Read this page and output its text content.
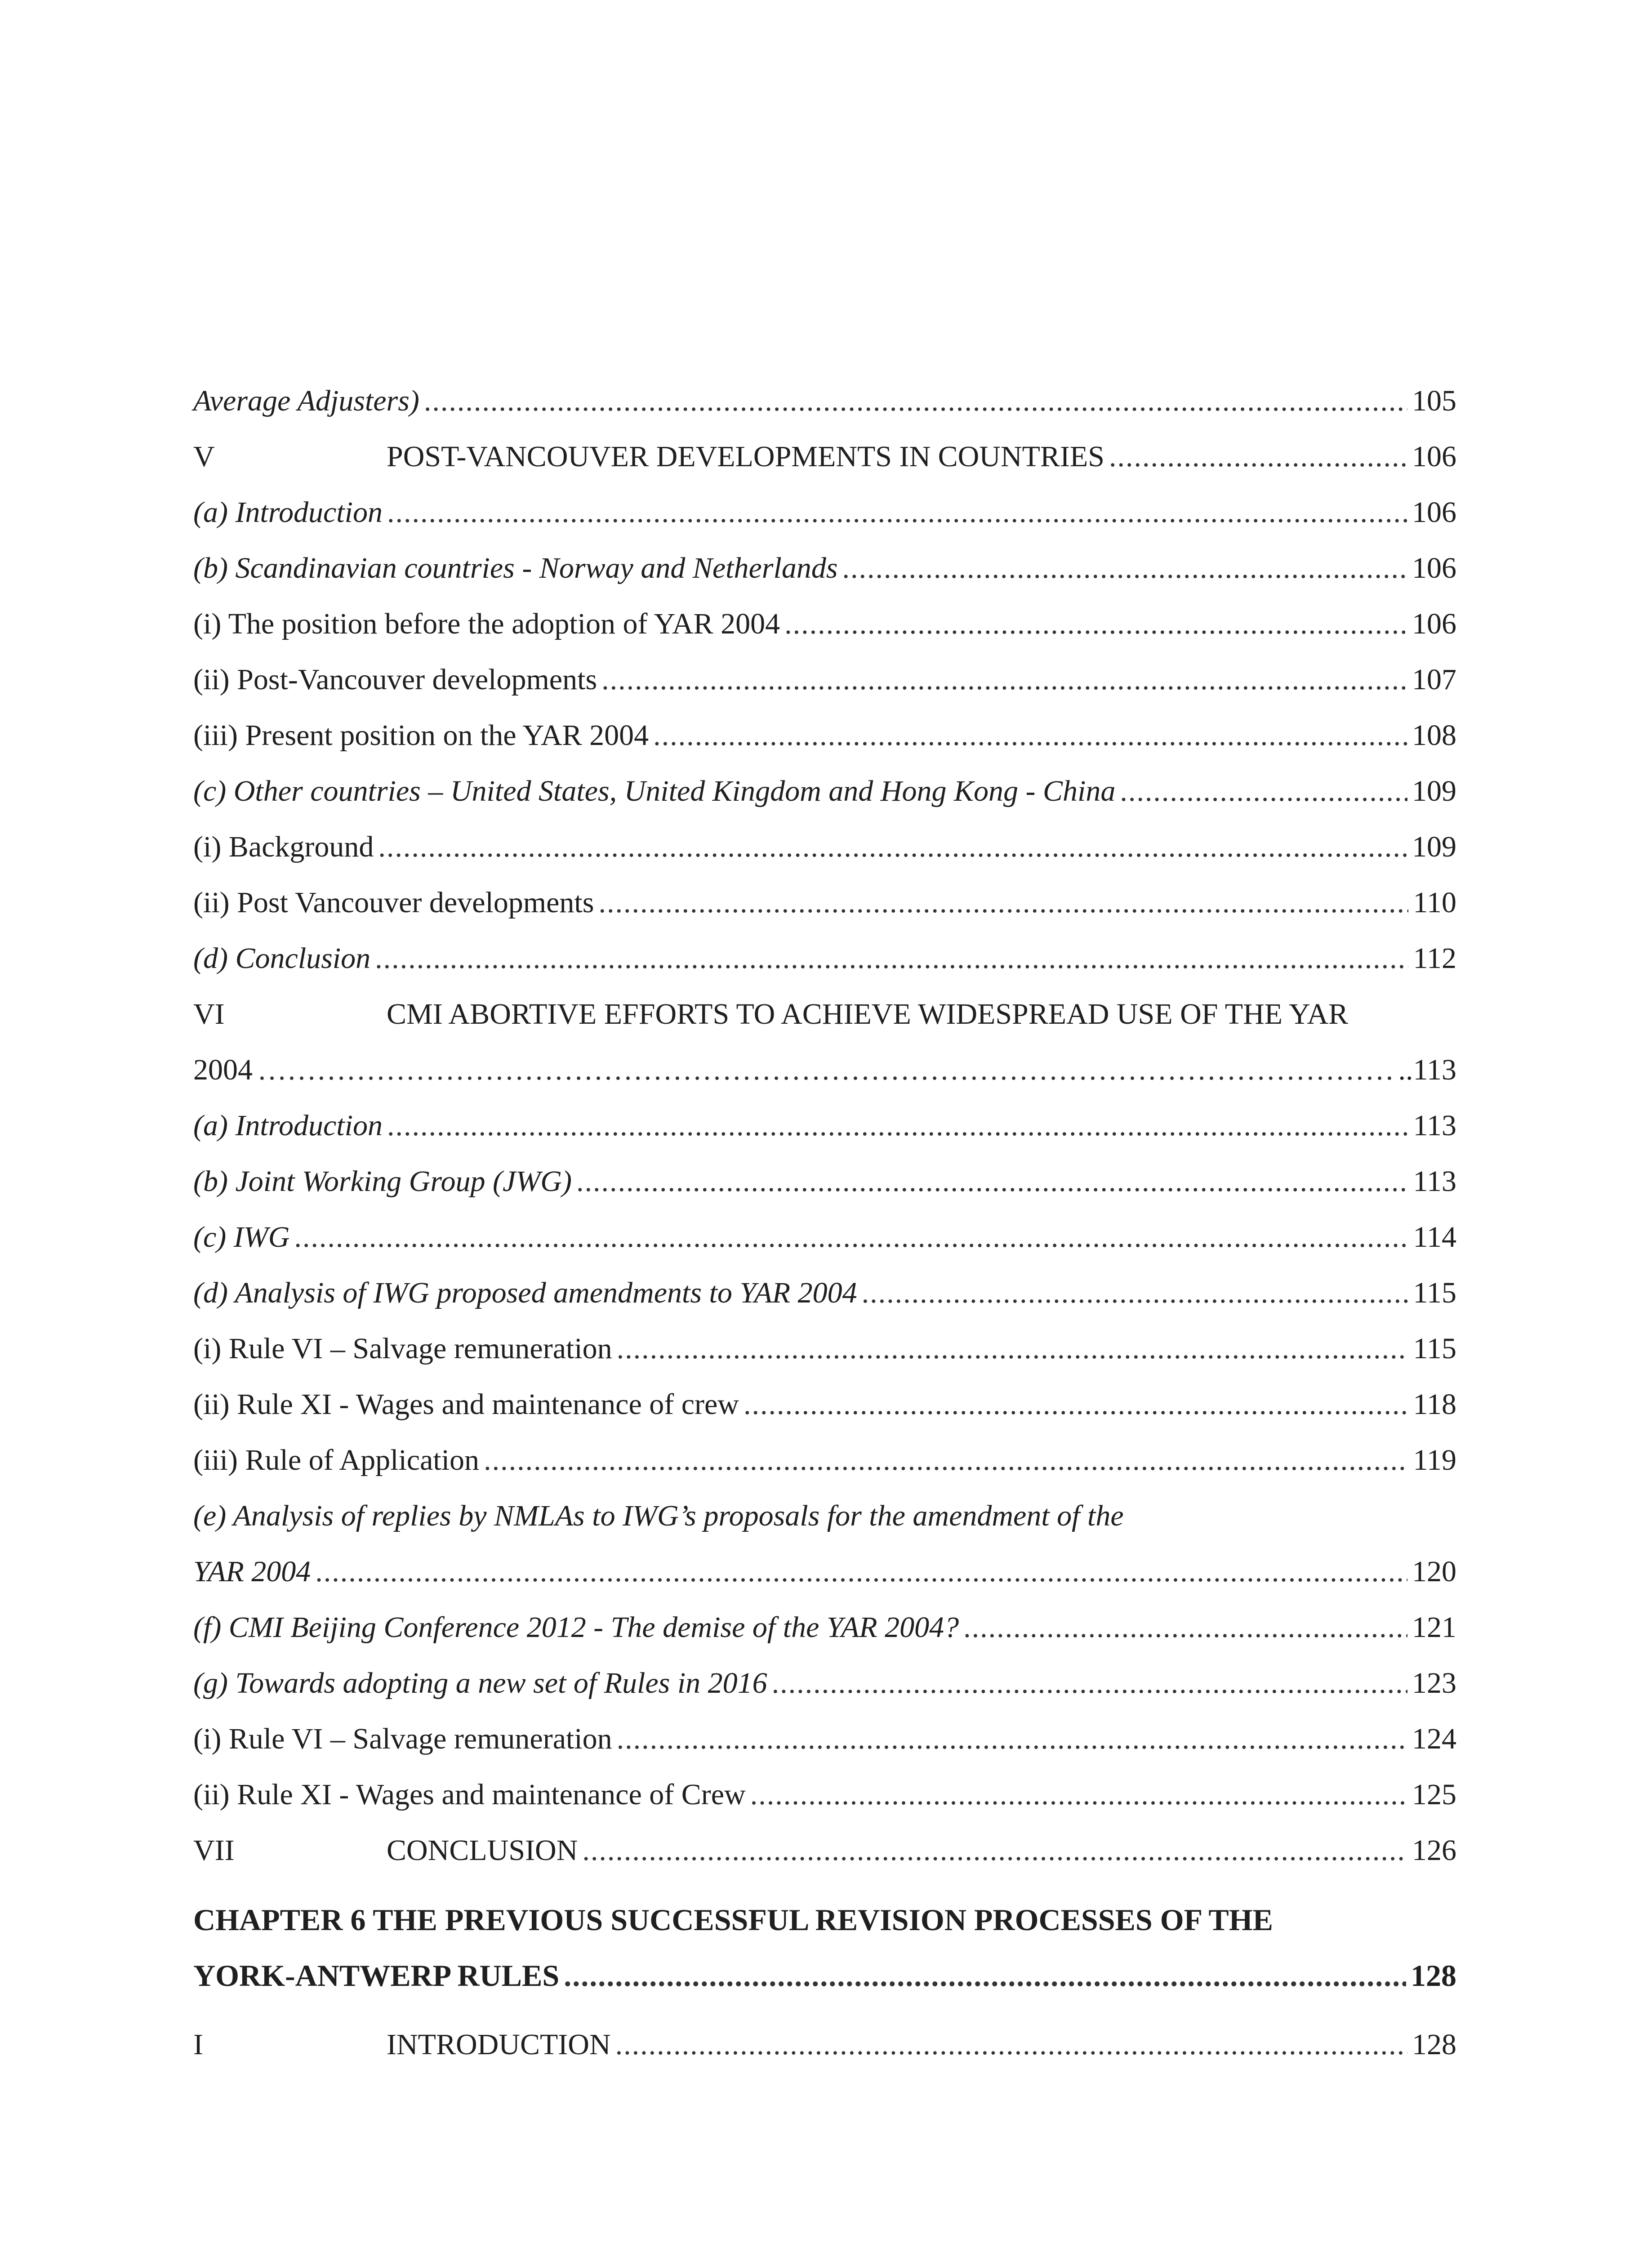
Average Adjusters) .....	105
V	POST-VANCOUVER DEVELOPMENTS IN COUNTRIES .....	106
(a) Introduction .....	106
(b) Scandinavian countries - Norway and Netherlands .....	106
(i) The position before the adoption of YAR 2004 .....	106
(ii) Post-Vancouver developments .....	107
(iii) Present position on the YAR 2004 .....	108
(c) Other countries – United States, United Kingdom and Hong Kong - China .....	109
(i) Background .....	109
(ii) Post Vancouver developments .....	110
(d) Conclusion .....	112
VI	CMI ABORTIVE EFFORTS TO ACHIEVE WIDESPREAD USE OF THE YAR
2004 ……………………………………………………………………………………………………………………………………………………………………………………	..113
(a) Introduction .....	113
(b) Joint Working Group (JWG) .....	113
(c) IWG .....	114
(d) Analysis of IWG proposed amendments to YAR 2004 .....	115
(i) Rule VI – Salvage remuneration .....	115
(ii) Rule XI - Wages and maintenance of crew .....	118
(iii) Rule of Application .....	119
(e) Analysis of replies by NMLAs to IWG’s proposals for the amendment of the
YAR 2004 .....	120
(f) CMI Beijing Conference 2012 - The demise of the YAR 2004? .....	121
(g) Towards adopting a new set of Rules in 2016 .....	123
(i) Rule VI – Salvage remuneration .....	124
(ii) Rule XI - Wages and maintenance of Crew .....	125
VII	CONCLUSION .....	126
CHAPTER 6 THE PREVIOUS SUCCESSFUL REVISION PROCESSES OF THE
YORK-ANTWERP RULES .....	128
I	INTRODUCTION .....	128
